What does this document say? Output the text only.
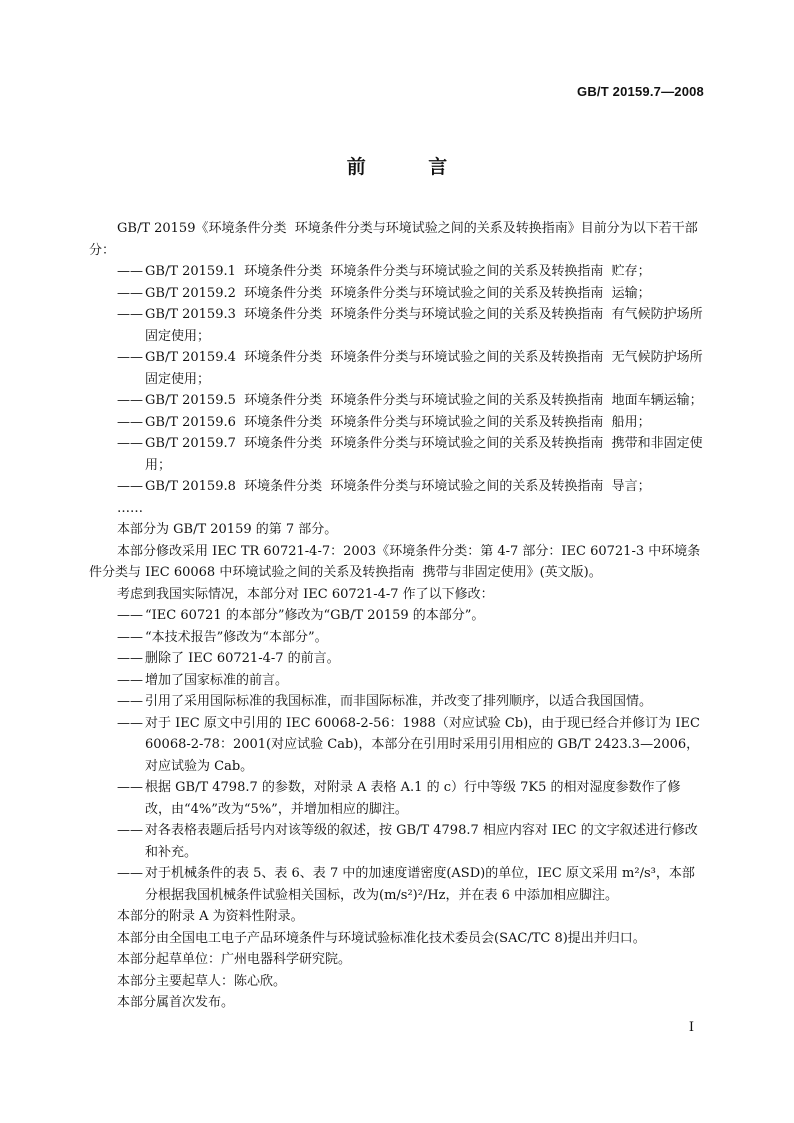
GB/T 20159.7—2008
前 言

GB/T 20159《环境条件分类  环境条件分类与环境试验之间的关系及转换指南》目前分为以下若干部分：

—— GB/T 20159.1  环境条件分类  环境条件分类与环境试验之间的关系及转换指南  贮存；
—— GB/T 20159.2  环境条件分类  环境条件分类与环境试验之间的关系及转换指南  运输；
—— GB/T 20159.3  环境条件分类  环境条件分类与环境试验之间的关系及转换指南  有气候防护场所固定使用；
—— GB/T 20159.4  环境条件分类  环境条件分类与环境试验之间的关系及转换指南  无气候防护场所固定使用；
—— GB/T 20159.5  环境条件分类  环境条件分类与环境试验之间的关系及转换指南  地面车辆运输；
—— GB/T 20159.6  环境条件分类  环境条件分类与环境试验之间的关系及转换指南  船用；
—— GB/T 20159.7  环境条件分类  环境条件分类与环境试验之间的关系及转换指南  携带和非固定使用；
—— GB/T 20159.8  环境条件分类  环境条件分类与环境试验之间的关系及转换指南  导言；

……

本部分为 GB/T 20159 的第 7 部分。

本部分修改采用 IEC TR 60721-4-7：2003《环境条件分类：第 4-7 部分：IEC 60721-3 中环境条件分类与 IEC 60068 中环境试验之间的关系及转换指南  携带与非固定使用》(英文版)。

考虑到我国实际情况，本部分对 IEC 60721-4-7 作了以下修改：

—— “IEC 60721 的本部分”修改为“GB/T 20159 的本部分”。
—— “本技术报告”修改为“本部分”。
—— 删除了 IEC 60721-4-7 的前言。
—— 增加了国家标准的前言。
—— 引用了采用国际标准的我国标准，而非国际标准，并改变了排列顺序，以适合我国国情。
—— 对于 IEC 原文中引用的 IEC 60068-2-56：1988（对应试验 Cb)，由于现已经合并修订为 IEC 60068-2-78：2001(对应试验 Cab)，本部分在引用时采用引用相应的 GB/T 2423.3—2006，对应试验为 Cab。
—— 根据 GB/T 4798.7 的参数，对附录 A 表格 A.1 的 c）行中等级 7K5 的相对湿度参数作了修改，由“4%”改为“5%”，并增加相应的脚注。
—— 对各表格表题后括号内对该等级的叙述，按 GB/T 4798.7 相应内容对 IEC 的文字叙述进行修改和补充。
—— 对于机械条件的表 5、表 6、表 7 中的加速度谱密度(ASD)的单位，IEC 原文采用 m²/s³，本部分根据我国机械条件试验相关国标，改为(m/s²)²/Hz，并在表 6 中添加相应脚注。

本部分的附录 A 为资料性附录。

本部分由全国电工电子产品环境条件与环境试验标准化技术委员会(SAC/TC 8)提出并归口。

本部分起草单位：广州电器科学研究院。

本部分主要起草人：陈心欣。

本部分属首次发布。

I
